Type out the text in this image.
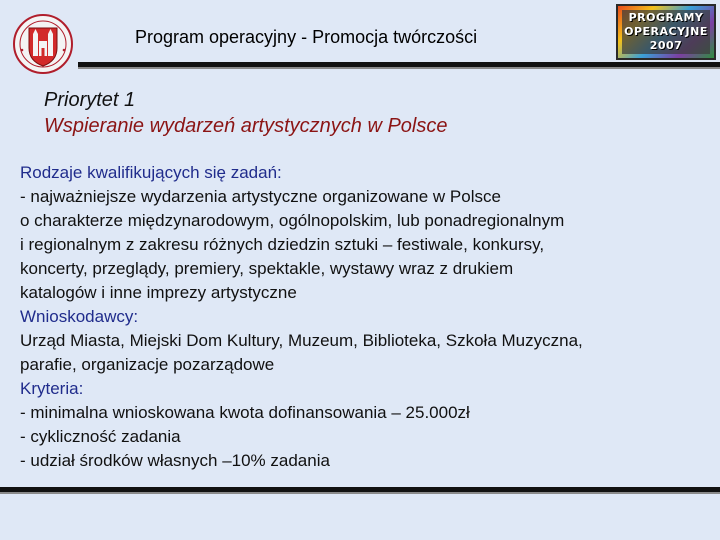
Program operacyjny - Promocja twórczości
PROGRAMY
OPERACYJNE
2007
Priorytet 1
Wspieranie wydarzeń artystycznych w Polsce
Rodzaje kwalifikujących się zadań:
- najważniejsze wydarzenia artystyczne organizowane w Polsce
o charakterze międzynarodowym, ogólnopolskim, lub ponadregionalnym
i regionalnym z zakresu różnych dziedzin sztuki – festiwale, konkursy,
koncerty, przeglądy, premiery, spektakle, wystawy wraz z drukiem
katalogów i inne imprezy artystyczne
Wnioskodawcy:
Urząd Miasta, Miejski Dom Kultury, Muzeum, Biblioteka, Szkoła Muzyczna,
parafie, organizacje pozarządowe
Kryteria:
- minimalna wnioskowana kwota dofinansowania – 25.000zł
- cykliczność zadania
- udział środków własnych –10% zadania
